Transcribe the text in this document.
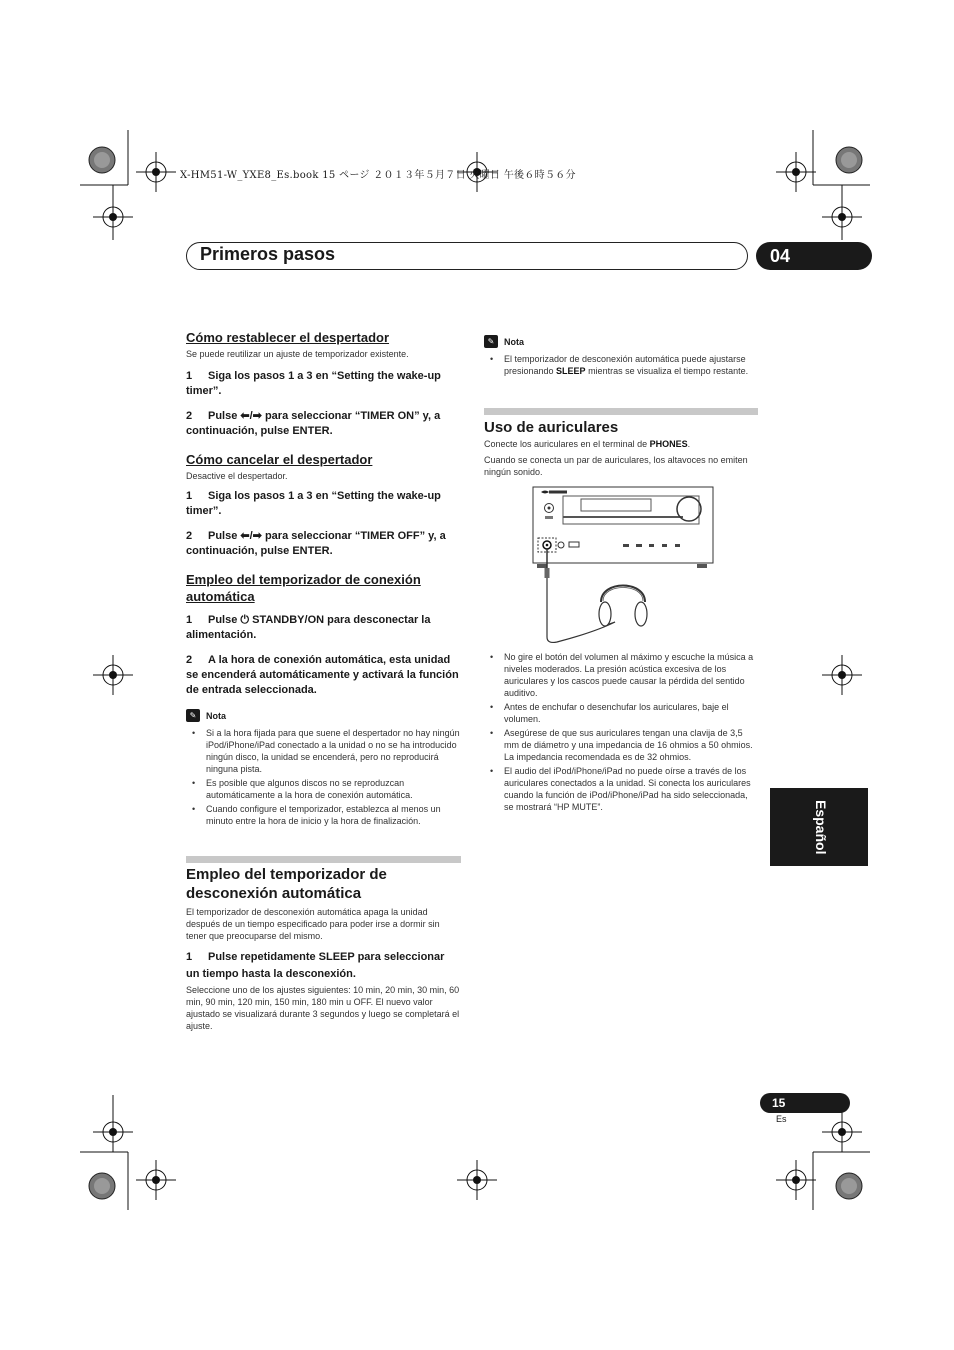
X-HM51-W_YXE8_Es.book 15 ページ ２０１３年５月７日 火曜日 午後６時５６分
Primeros pasos	04
Cómo restablecer el despertador
Se puede reutilizar un ajuste de temporizador existente.
1 Siga los pasos 1 a 3 en “Setting the wake-up timer”.
2 Pulse ⬅/➡ para seleccionar “TIMER ON” y, a continuación, pulse ENTER.
Cómo cancelar el despertador
Desactive el despertador.
1 Siga los pasos 1 a 3 en “Setting the wake-up timer”.
2 Pulse ⬅/➡ para seleccionar “TIMER OFF” y, a continuación, pulse ENTER.
Empleo del temporizador de conexión automática
1 Pulse ⏻ STANDBY/ON para desconectar la alimentación.
2 A la hora de conexión automática, esta unidad se encenderá automáticamente y activará la función de entrada seleccionada.
✎	Nota
• Si a la hora fijada para que suene el despertador no hay ningún iPod/iPhone/iPad conectado a la unidad o no se ha introducido ningún disco, la unidad se encenderá, pero no reproducirá ninguna pista.
• Es posible que algunos discos no se reproduzcan automáticamente a la hora de conexión automática.
• Cuando configure el temporizador, establezca al menos un minuto entre la hora de inicio y la hora de finalización.
Empleo del temporizador de desconexión automática
El temporizador de desconexión automática apaga la unidad después de un tiempo especificado para poder irse a dormir sin tener que preocuparse del mismo.
1 Pulse repetidamente SLEEP para seleccionar un tiempo hasta la desconexión.
Seleccione uno de los ajustes siguientes: 10 min, 20 min, 30 min, 60 min, 90 min, 120 min, 150 min, 180 min u OFF. El nuevo valor ajustado se visualizará durante 3 segundos y luego se completará el ajuste.
✎	Nota
• El temporizador de desconexión automática puede ajustarse presionando SLEEP mientras se visualiza el tiempo restante.
Uso de auriculares
Conecte los auriculares en el terminal de PHONES.
Cuando se conecta un par de auriculares, los altavoces no emiten ningún sonido.
• No gire el botón del volumen al máximo y escuche la música a niveles moderados. La presión acústica excesiva de los auriculares y los cascos puede causar la pérdida del sentido auditivo.
• Antes de enchufar o desenchufar los auriculares, baje el volumen.
• Asegúrese de que sus auriculares tengan una clavija de 3,5 mm de diámetro y una impedancia de 16 ohmios a 50 ohmios. La impedancia recomendada es de 32 ohmios.
• El audio del iPod/iPhone/iPad no puede oírse a través de los auriculares conectados a la unidad. Si conecta los auriculares cuando la función de iPod/iPhone/iPad ha sido seleccionada, se mostrará “HP MUTE”.	Español
15
Es
